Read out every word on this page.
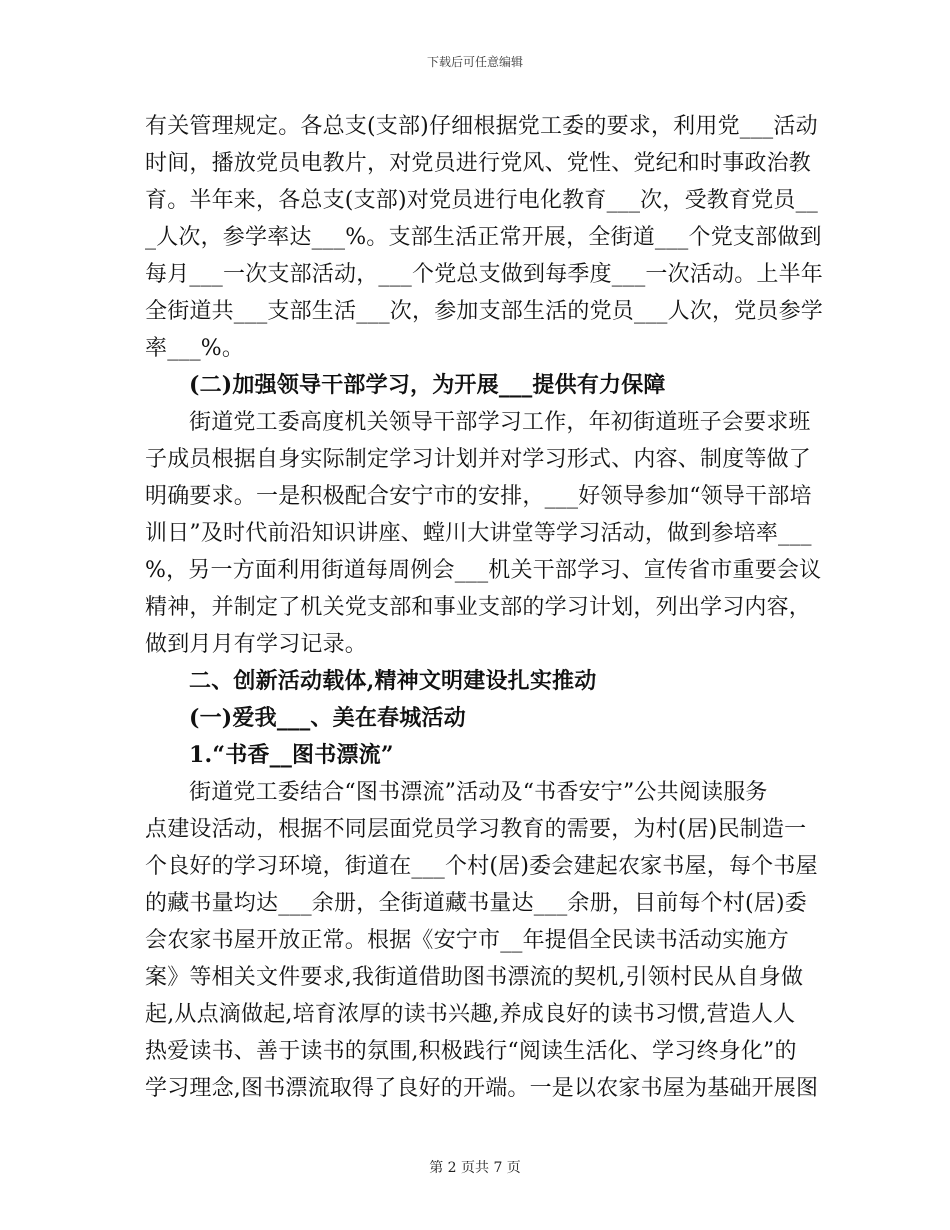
下载后可任意编辑
有关管理规定。各总支(支部)仔细根据党工委的要求，利用党___活动
时间，播放党员电教片，对党员进行党风、党性、党纪和时事政治教
育。半年来，各总支(支部)对党员进行电化教育___次，受教育党员__
_人次，参学率达___%。支部生活正常开展，全街道___个党支部做到
每月___一次支部活动，___个党总支做到每季度___一次活动。上半年
全街道共___支部生活___次，参加支部生活的党员___人次，党员参学
率___%。
(二)加强领导干部学习，为开展___提供有力保障
街道党工委高度机关领导干部学习工作，年初街道班子会要求班
子成员根据自身实际制定学习计划并对学习形式、内容、制度等做了
明确要求。一是积极配合安宁市的安排，___好领导参加“领导干部培
训日”及时代前沿知识讲座、螳川大讲堂等学习活动，做到参培率___
%，另一方面利用街道每周例会___机关干部学习、宣传省市重要会议
精神，并制定了机关党支部和事业支部的学习计划，列出学习内容，
做到月月有学习记录。
二、创新活动载体,精神文明建设扎实推动
(一)爱我___、美在春城活动
1.“书香__图书漂流”
街道党工委结合“图书漂流”活动及“书香安宁”公共阅读服务
点建设活动，根据不同层面党员学习教育的需要，为村(居)民制造一
个良好的学习环境，街道在___个村(居)委会建起农家书屋，每个书屋
的藏书量均达___余册，全街道藏书量达___余册，目前每个村(居)委
会农家书屋开放正常。根据《安宁市__年提倡全民读书活动实施方
案》等相关文件要求,我街道借助图书漂流的契机,引领村民从自身做
起,从点滴做起,培育浓厚的读书兴趣,养成良好的读书习惯,营造人人
热爱读书、善于读书的氛围,积极践行“阅读生活化、学习终身化”的
学习理念,图书漂流取得了良好的开端。一是以农家书屋为基础开展图
第 2 页共 7 页
